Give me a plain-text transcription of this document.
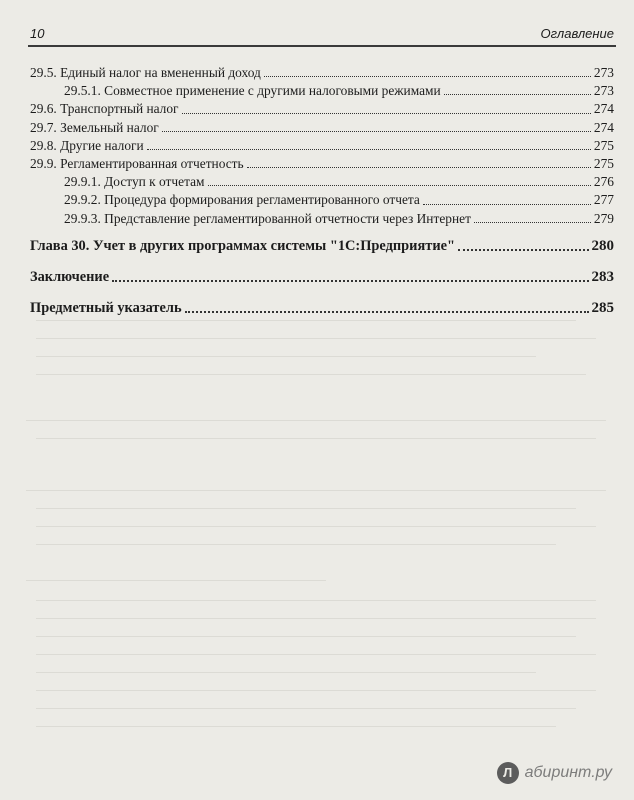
10	Оглавление
29.5. Единый налог на вмененный доход	273
29.5.1. Совместное применение с другими налоговыми режимами	273
29.6. Транспортный налог	274
29.7. Земельный налог	274
29.8. Другие налоги	275
29.9. Регламентированная отчетность	275
29.9.1. Доступ к отчетам	276
29.9.2. Процедура формирования регламентированного отчета	277
29.9.3. Представление регламентированной отчетности через Интернет	279
Глава 30. Учет в других программах системы "1С:Предприятие"	280
Заключение	283
Предметный указатель	285
Л абиринт.ру
